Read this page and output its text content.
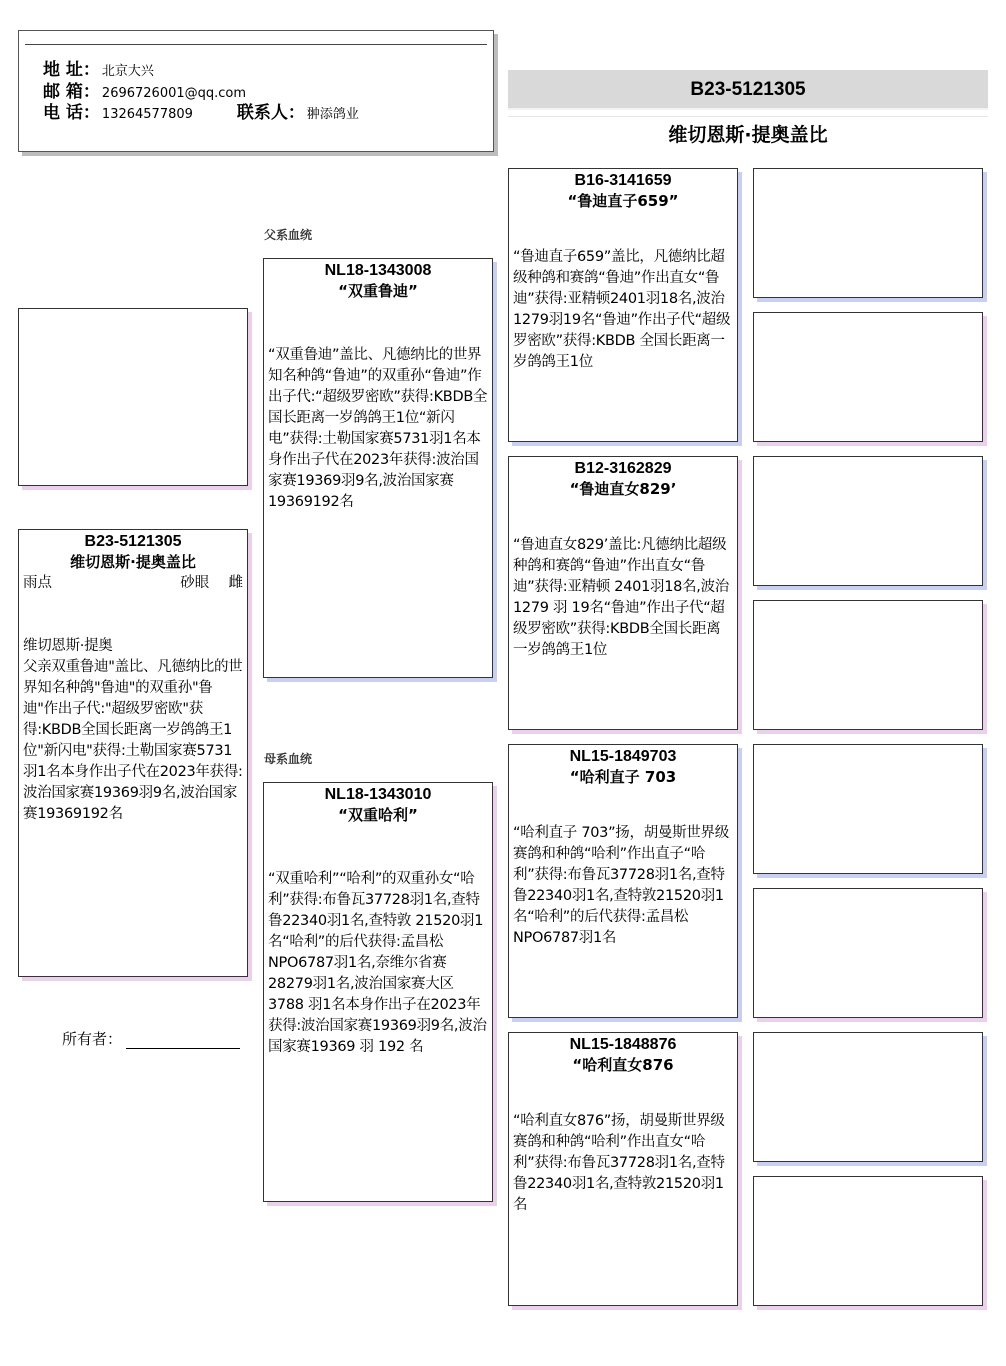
地 址： 北京大兴
邮 箱： 2696726001@qq.com
电 话： 13264577809	联系人： 翀添鸽业
B23-5121305
维切恩斯·提奥盖比
B23-5121305
维切恩斯·提奥盖比
雨点	砂眼 雌
维切恩斯·提奥
父亲双重鲁迪"盖比、凡德纳比的世界知名种鸽"鲁迪"的双重孙"鲁迪"作出子代:"超级罗密欧"获得:KBDB全国长距离一岁鸽鸽王1位"新闪电"获得:土勒国家赛5731羽1名本身作出子代在2023年获得:波治国家赛19369羽9名,波治国家赛19369192名
所有者：
父系血统
母系血统
NL18-1343008
“双重鲁迪”
“双重鲁迪”盖比、凡德纳比的世界知名种鸽“鲁迪”的双重孙“鲁迪”作出子代:“超级罗密欧”获得:KBDB全国长距离一岁鸽鸽王1位“新闪电”获得:土勒国家赛5731羽1名本身作出子代在2023年获得:波治国家赛19369羽9名,波治国家赛19369192名
NL18-1343010
“双重哈利”
“双重哈利”“哈利”的双重孙女“哈利”获得:布鲁瓦37728羽1名,查特鲁22340羽1名,查特敦 21520羽1名“哈利”的后代获得:孟昌松NPO6787羽1名,奈维尔省赛28279羽1名,波治国家赛大区3788 羽1名本身作出子在2023年获得:波治国家赛19369羽9名,波治国家赛19369 羽 192 名
B16-3141659
“鲁迪直子659”
“鲁迪直子659”盖比，凡德纳比超级种鸽和赛鸽“鲁迪”作出直女“鲁迪”获得:亚精顿2401羽18名,波治1279羽19名“鲁迪”作出子代“超级罗密欧”获得:KBDB 全国长距离一岁鸽鸽王1位
B12-3162829
“鲁迪直女829’
“鲁迪直女829’盖比:凡德纳比超级种鸽和赛鸽“鲁迪”作出直女“鲁迪”获得:亚精顿 2401羽18名,波治1279 羽 19名“鲁迪”作出子代“超级罗密欧”获得:KBDB全国长距离一岁鸽鸽王1位
NL15-1849703
“哈利直子 703
“哈利直子 703”扬，胡曼斯世界级赛鸽和种鸽“哈利”作出直子“哈利”获得:布鲁瓦37728羽1名,查特鲁22340羽1名,查特敦21520羽1名“哈利”的后代获得:孟昌松NPO6787羽1名
NL15-1848876
“哈利直女876
“哈利直女876”扬，胡曼斯世界级赛鸽和种鸽“哈利”作出直女“哈利”获得:布鲁瓦37728羽1名,查特鲁22340羽1名,查特敦21520羽1名
